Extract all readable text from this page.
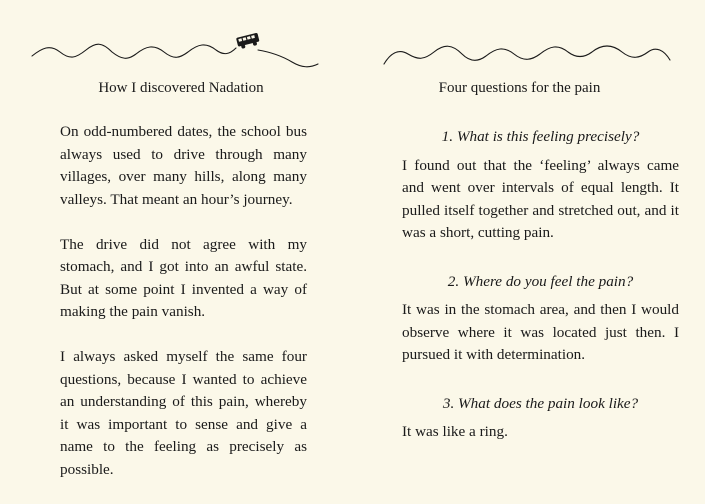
How I discovered Nadation

On odd-numbered dates, the school bus always used to drive through many villages, over many hills, along many valleys. That meant an hour’s journey.

The drive did not agree with my stomach, and I got into an awful state. But at some point I invented a way of making the pain vanish.

I always asked myself the same four questions, because I wanted to achieve an understanding of this pain, whereby it was important to sense and give a name to the feeling as precisely as possible.

Four questions for the pain

1. What is this feeling precisely?

I found out that the ‘feeling’ always came and went over intervals of equal length. It pulled itself together and stretched out, and it was a short, cutting pain.

2. Where do you feel the pain?

It was in the stomach area, and then I would observe where it was located just then. I pursued it with determination.

3. What does the pain look like?

It was like a ring.
